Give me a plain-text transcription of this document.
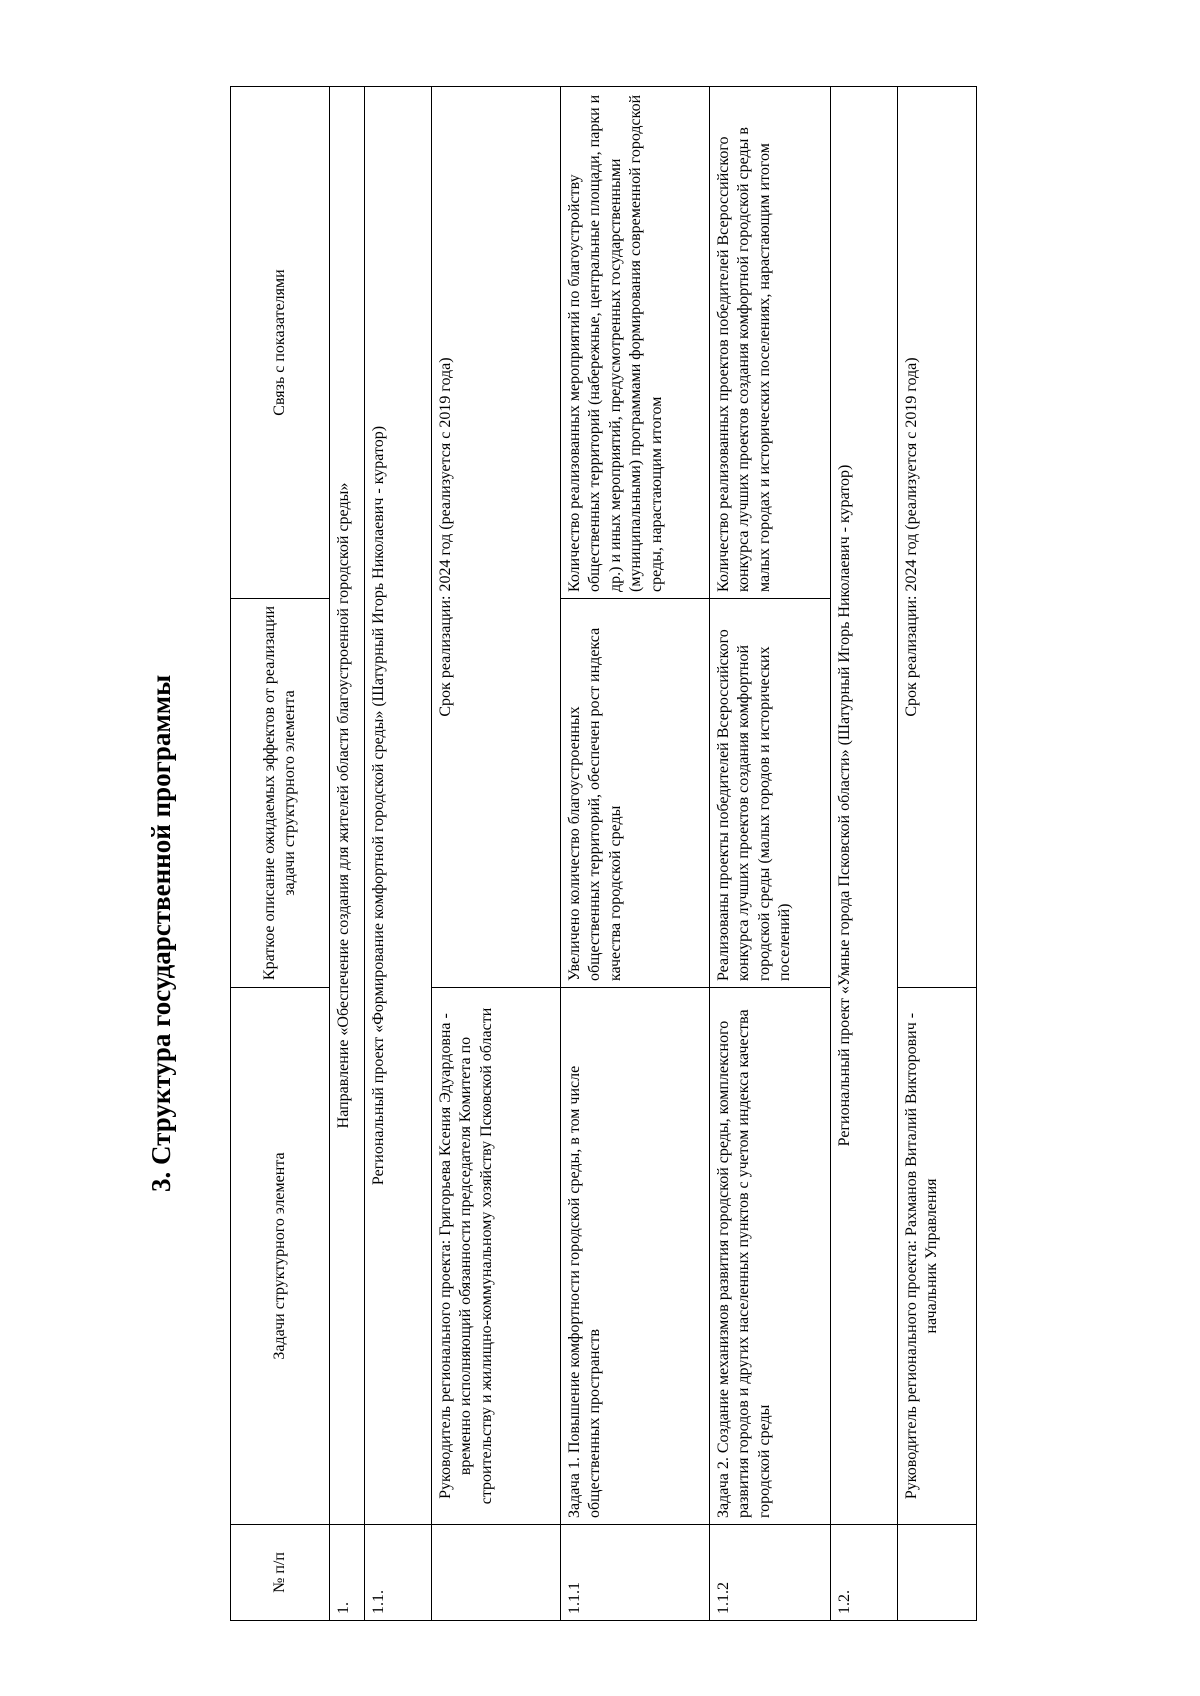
3. Структура государственной программы
№ п/п	Задачи структурного элемента	Краткое описание ожидаемых эффектов от реализации задачи структурного элемента	Связь с показателями
1.	Направление «Обеспечение создания для жителей области благоустроенной городской среды»		
1.1.	Региональный проект «Формирование комфортной городской среды» (Шатурный Игорь Николаевич - куратор)		
	Руководитель регионального проекта: Григорьева Ксения Эдуардовна - временно исполняющий обязанности председателя Комитета по строительству и жилищно-коммунальному хозяйству Псковской области	Срок реализации: 2024 год (реализуется с 2019 года)	
1.1.1	Задача 1. Повышение комфортности городской среды, в том числе общественных пространств	Увеличено количество благоустроенных общественных территорий, обеспечен рост индекса качества городской среды	Количество реализованных мероприятий по благоустройству общественных территорий (набережные, центральные площади, парки и др.) и иных мероприятий, предусмотренных государственными (муниципальными) программами формирования современной городской среды, нарастающим итогом
1.1.2	Задача 2. Создание механизмов развития городской среды, комплексного развития городов и других населенных пунктов с учетом индекса качества городской среды	Реализованы проекты победителей Всероссийского конкурса лучших проектов создания комфортной городской среды (малых городов и исторических поселений)	Количество реализованных проектов победителей Всероссийского конкурса лучших проектов создания комфортной городской среды в малых городах и исторических поселениях, нарастающим итогом
1.2.	Региональный проект «Умные города Псковской области» (Шатурный Игорь Николаевич - куратор)		
	Руководитель регионального проекта: Рахманов Виталий Викторович - начальник Управления	Срок реализации: 2024 год (реализуется с 2019 года)	
